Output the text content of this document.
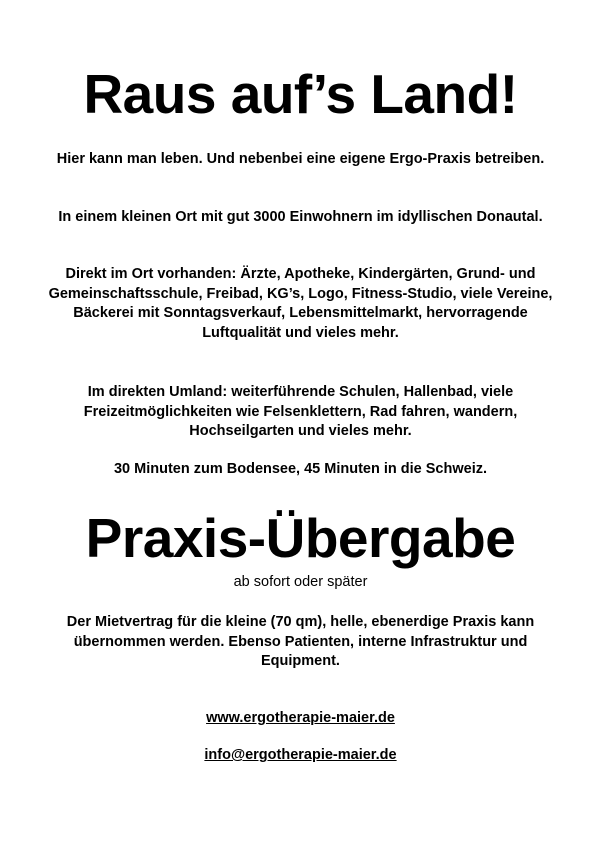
Raus auf’s Land!

Hier kann man leben. Und nebenbei eine eigene Ergo-Praxis betreiben.

In einem kleinen Ort mit gut 3000 Einwohnern im idyllischen Donautal.

Direkt im Ort vorhanden: Ärzte, Apotheke, Kindergärten, Grund- und Gemeinschaftsschule, Freibad, KG’s, Logo, Fitness-Studio, viele Vereine, Bäckerei mit Sonntagsverkauf, Lebensmittelmarkt, hervorragende Luftqualität und vieles mehr.

Im direkten Umland: weiterführende Schulen, Hallenbad, viele Freizeitmöglichkeiten wie Felsenklettern, Rad fahren, wandern, Hochseilgarten und vieles mehr.

30 Minuten zum Bodensee, 45 Minuten in die Schweiz.

Praxis-Übergabe

ab sofort oder später

Der Mietvertrag für die kleine (70 qm), helle, ebenerdige Praxis kann übernommen werden. Ebenso Patienten, interne Infrastruktur und Equipment.

www.ergotherapie-maier.de

info@ergotherapie-maier.de
